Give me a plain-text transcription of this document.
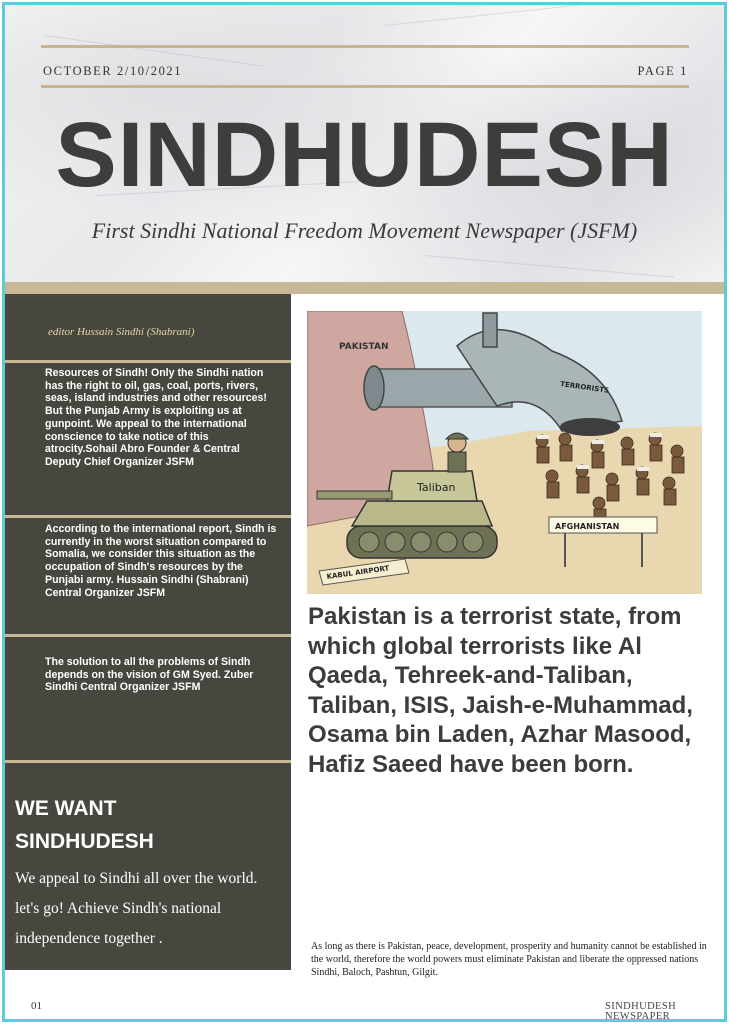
OCTOBER 2/10/2021	PAGE 1
SINDHUDESH
First Sindhi National Freedom Movement Newspaper (JSFM)
editor Hussain Sindhi (Shabrani)
Resources of Sindh! Only the Sindhi nation has the right to oil, gas, coal, ports, rivers, seas, island industries and other resources! But the Punjab Army is exploiting us at gunpoint. We appeal to the international conscience to take notice of this atrocity.Sohail Abro Founder & Central Deputy Chief Organizer JSFM
According to the international report, Sindh is currently in the worst situation compared to Somalia, we consider this situation as the occupation of Sindh's resources by the Punjabi army. Hussain Sindhi (Shabrani) Central Organizer JSFM
The solution to all the problems of Sindh depends on the vision of GM Syed. Zuber Sindhi Central Organizer JSFM
WE WANT
SINDHUDESH
We appeal to Sindhi all over the world. let's go! Achieve Sindh's national independence together .
PAKISTAN
TERRORISTS
Taliban
AFGHANISTAN
KABUL AIRPORT
Pakistan is a terrorist state, from which global terrorists like Al Qaeda, Tehreek-and-Taliban, Taliban, ISIS, Jaish-e-Muhammad, Osama bin Laden, Azhar Masood, Hafiz Saeed have been born.
As long as there is Pakistan, peace, development, prosperity and humanity cannot be established in the world, therefore the world powers must eliminate Pakistan and liberate the oppressed nations Sindhi, Baloch, Pashtun, Gilgit.
01	SINDHUDESH
NEWSPAPER
